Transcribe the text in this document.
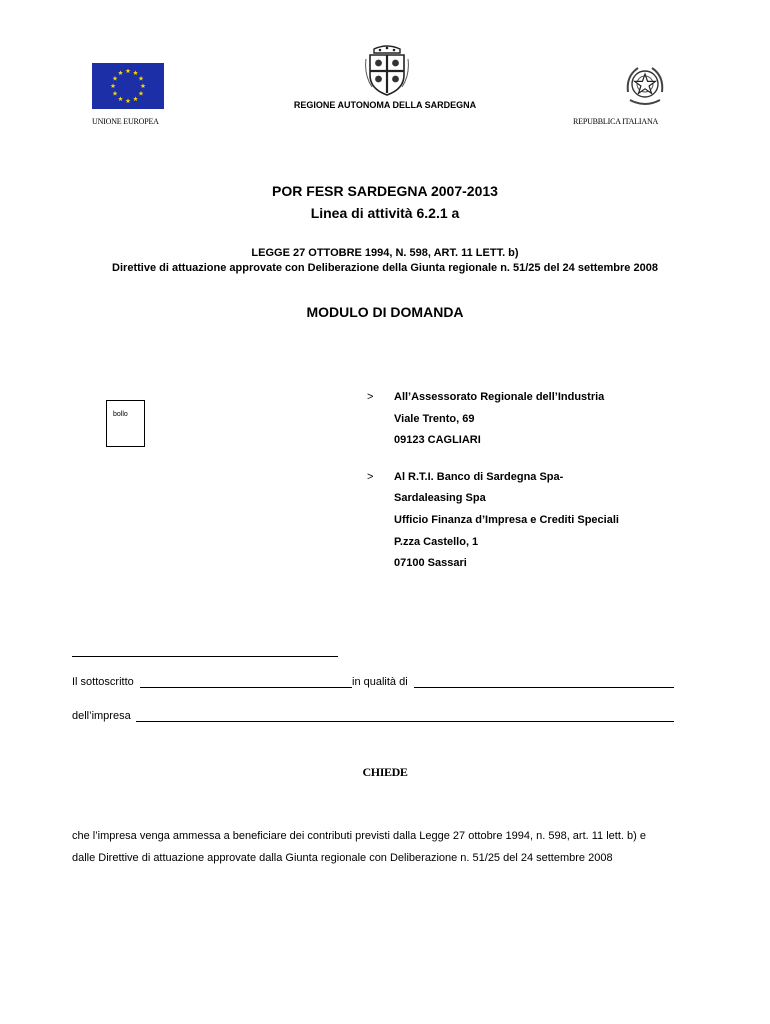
UNIONE EUROPEA
REGIONE AUTONOMA DELLA SARDEGNA
REPUBBLICA ITALIANA
POR FESR SARDEGNA 2007-2013
Linea di attività 6.2.1 a
LEGGE 27 OTTOBRE 1994, N. 598, ART. 11 LETT. b)
Direttive di attuazione approvate con Deliberazione della Giunta regionale n. 51/25 del 24 settembre 2008
MODULO DI DOMANDA
bollo
> All’Assessorato Regionale dell’Industria
Viale Trento, 69
09123 CAGLIARI
> Al R.T.I. Banco di Sardegna Spa-
Sardaleasing Spa
Ufficio Finanza d’Impresa e Crediti Speciali
P.zza Castello, 1
07100 Sassari
Il sottoscritto	in qualità di
dell’impresa
CHIEDE
che l’impresa venga ammessa a beneficiare dei contributi previsti dalla Legge 27 ottobre 1994, n. 598, art. 11 lett. b) e
dalle Direttive di attuazione approvate dalla Giunta regionale con Deliberazione n. 51/25 del 24 settembre 2008
